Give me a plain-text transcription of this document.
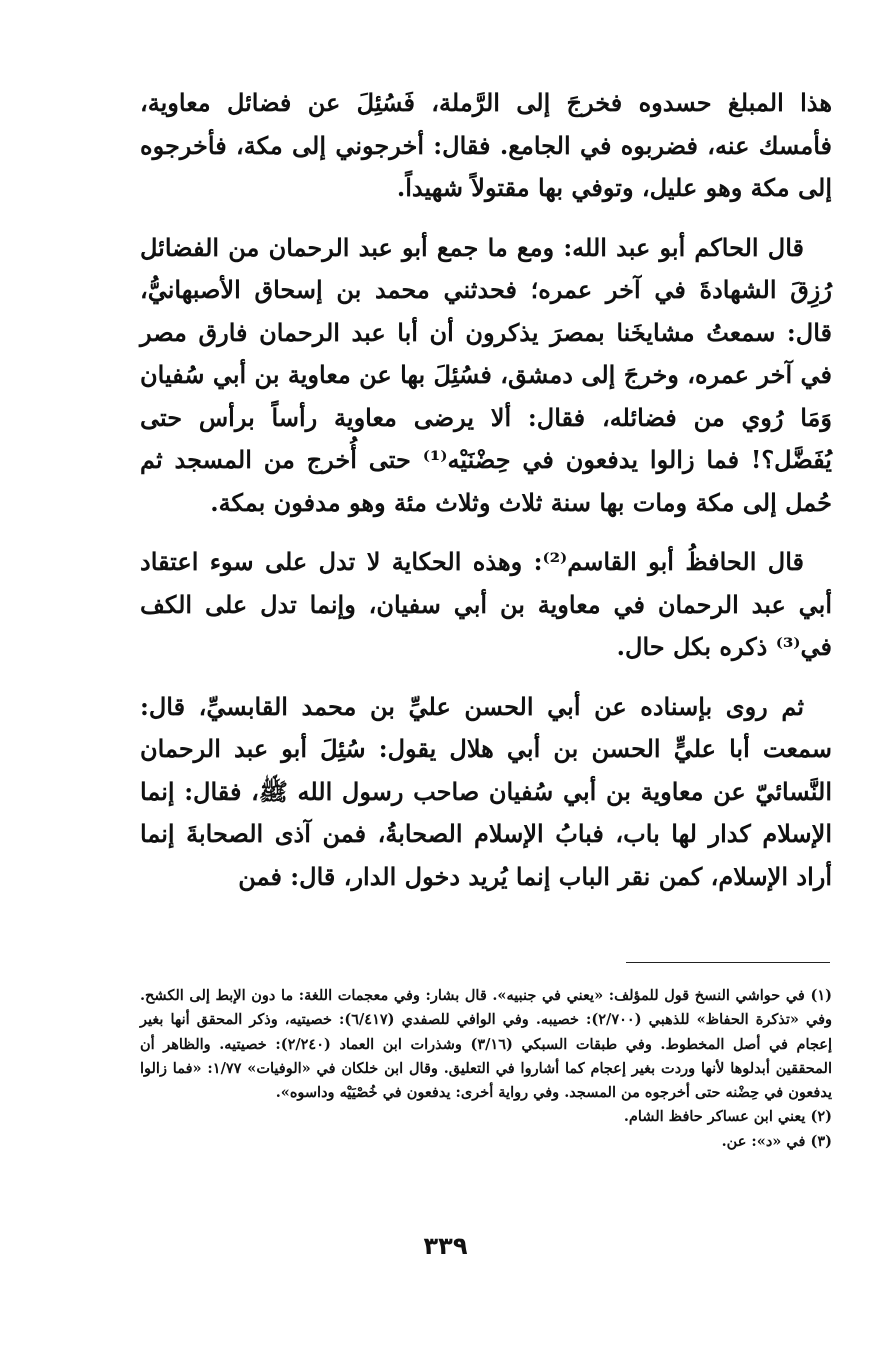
هذا المبلغ حسدوه فخرجَ إلى الرَّملة، فَسُئِلَ عن فضائل معاوية، فأمسك عنه، فضربوه في الجامع. فقال: أخرجوني إلى مكة، فأخرجوه إلى مكة وهو عليل، وتوفي بها مقتولاً شهيداً.

قال الحاكم أبو عبد الله: ومع ما جمع أبو عبد الرحمان من الفضائل رُزِقَ الشهادةَ في آخر عمره؛ فحدثني محمد بن إسحاق الأصبهانيُّ، قال: سمعتُ مشايخَنا بمصرَ يذكرون أن أبا عبد الرحمان فارق مصر في آخر عمره، وخرجَ إلى دمشق، فسُئِلَ بها عن معاوية بن أبي سُفيان وَمَا رُوي من فضائله، فقال: ألا يرضى معاوية رأساً برأس حتى يُفَضَّل؟! فما زالوا يدفعون في حِضْنَيْه⁽¹⁾ حتى أُخرج من المسجد ثم حُمل إلى مكة ومات بها سنة ثلاث وثلاث مئة وهو مدفون بمكة.

قال الحافظُ أبو القاسم⁽²⁾: وهذه الحكاية لا تدل على سوء اعتقاد أبي عبد الرحمان في معاوية بن أبي سفيان، وإنما تدل على الكف في⁽³⁾ ذكره بكل حال.

ثم روى بإسناده عن أبي الحسن عليِّ بن محمد القابسيِّ، قال: سمعت أبا عليٍّ الحسن بن أبي هلال يقول: سُئِلَ أبو عبد الرحمان النَّسائيّ عن معاوية بن أبي سُفيان صاحب رسول الله ﷺ، فقال: إنما الإسلام كدار لها باب، فبابُ الإسلام الصحابةُ، فمن آذى الصحابةَ إنما أراد الإسلام، كمن نقر الباب إنما يُريد دخول الدار، قال: فمن

(١) في حواشي النسخ قول للمؤلف: «يعني في جنبيه». قال بشار: وفي معجمات اللغة: ما دون الإبط إلى الكشح. وفي «تذكرة الحفاظ» للذهبي (٢/٧٠٠): خصيبه. وفي الوافي للصفدي (٦/٤١٧): خصيتيه، وذكر المحقق أنها بغير إعجام في أصل المخطوط. وفي طبقات السبكي (٣/١٦) وشذرات ابن العماد (٢/٢٤٠): خصيتيه. والظاهر أن المحققين أبدلوها لأنها وردت بغير إعجام كما أشاروا في التعليق. وقال ابن خلكان في «الوفيات» ١/٧٧: «فما زالوا يدفعون في حِضْنه حتى أخرجوه من المسجد. وفي رواية أخرى: يدفعون في خُصْيَيْه وداسوه».

(٢) يعني ابن عساكر حافظ الشام.

(٣) في «د»: عن.

٣٣٩
